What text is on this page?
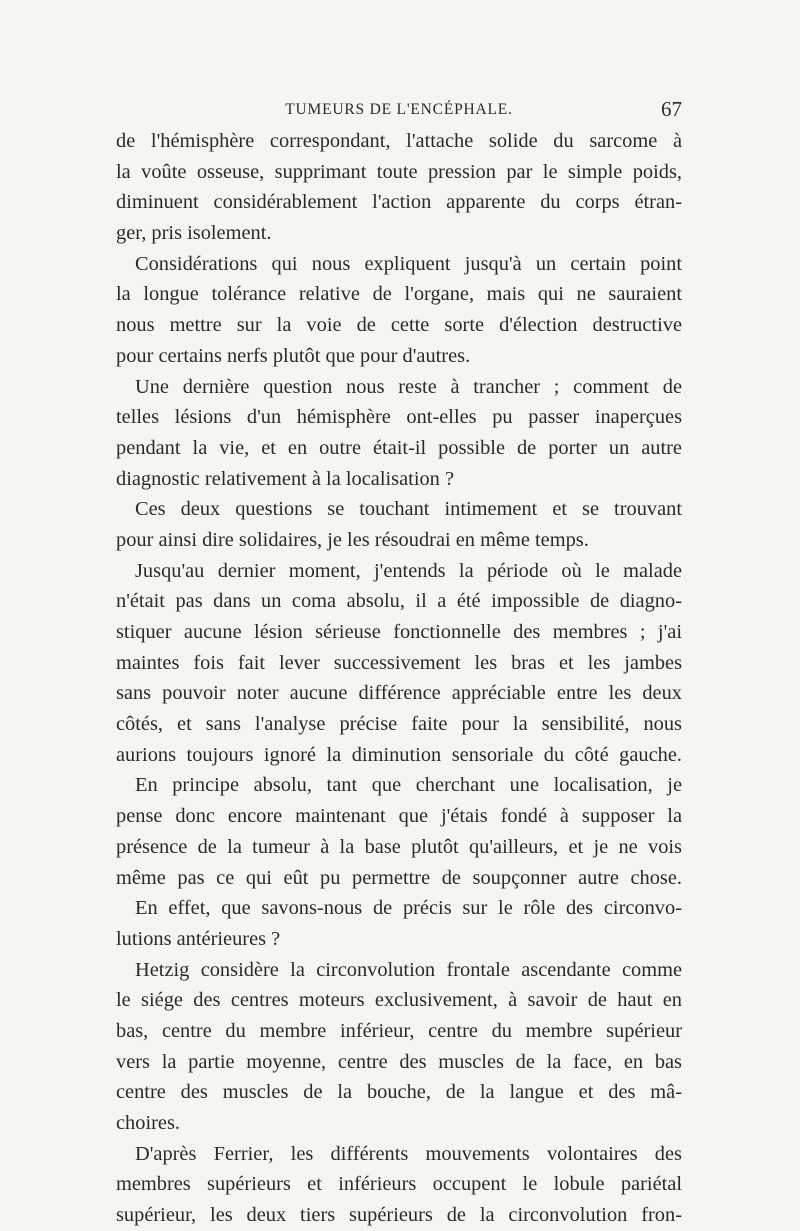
TUMEURS DE L'ENCÉPHALE.	67
de l'hémisphère correspondant, l'attache solide du sarcome à
la voûte osseuse, supprimant toute pression par le simple poids,
diminuent considérablement l'action apparente du corps étran-
ger, pris isolement.
Considérations qui nous expliquent jusqu'à un certain point
la longue tolérance relative de l'organe, mais qui ne sauraient
nous mettre sur la voie de cette sorte d'élection destructive
pour certains nerfs plutôt que pour d'autres.
Une dernière question nous reste à trancher ; comment de
telles lésions d'un hémisphère ont-elles pu passer inaperçues
pendant la vie, et en outre était-il possible de porter un autre
diagnostic relativement à la localisation ?
Ces deux questions se touchant intimement et se trouvant
pour ainsi dire solidaires, je les résoudrai en même temps.
Jusqu'au dernier moment, j'entends la période où le malade
n'était pas dans un coma absolu, il a été impossible de diagno-
stiquer aucune lésion sérieuse fonctionnelle des membres ; j'ai
maintes fois fait lever successivement les bras et les jambes
sans pouvoir noter aucune différence appréciable entre les deux
côtés, et sans l'analyse précise faite pour la sensibilité, nous
aurions toujours ignoré la diminution sensoriale du côté gauche.
En principe absolu, tant que cherchant une localisation, je
pense donc encore maintenant que j'étais fondé à supposer la
présence de la tumeur à la base plutôt qu'ailleurs, et je ne vois
même pas ce qui eût pu permettre de soupçonner autre chose.
En effet, que savons-nous de précis sur le rôle des circonvo-
lutions antérieures ?
Hetzig considère la circonvolution frontale ascendante comme
le siége des centres moteurs exclusivement, à savoir de haut en
bas, centre du membre inférieur, centre du membre supérieur
vers la partie moyenne, centre des muscles de la face, en bas
centre des muscles de la bouche, de la langue et des mâ-
choires.
D'après Ferrier, les différents mouvements volontaires des
membres supérieurs et inférieurs occupent le lobule pariétal
supérieur, les deux tiers supérieurs de la circonvolution fron-
